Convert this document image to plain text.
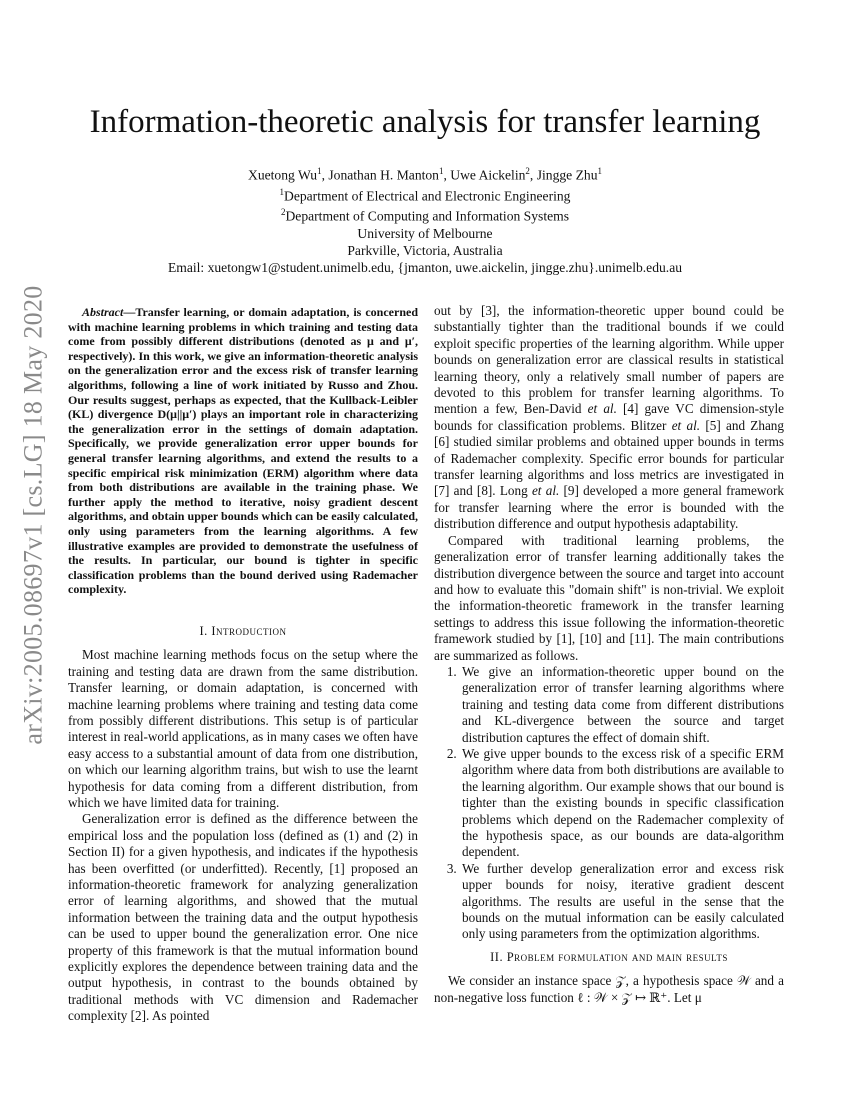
arXiv:2005.08697v1 [cs.LG] 18 May 2020
Information-theoretic analysis for transfer learning
Xuetong Wu$^1$, Jonathan H. Manton$^1$, Uwe Aickelin$^2$, Jingge Zhu$^1$
$^1$Department of Electrical and Electronic Engineering
$^2$Department of Computing and Information Systems
University of Melbourne
Parkville, Victoria, Australia
Email: xuetongw1@student.unimelb.edu, {jmanton, uwe.aickelin, jingge.zhu}.unimelb.edu.au

Abstract—Transfer learning, or domain adaptation, is concerned with machine learning problems in which training and testing data come from possibly different distributions (denoted as μ and μ′, respectively). In this work, we give an information-theoretic analysis on the generalization error and the excess risk of transfer learning algorithms, following a line of work initiated by Russo and Zhou. Our results suggest, perhaps as expected, that the Kullback-Leibler (KL) divergence D(μ||μ′) plays an important role in characterizing the generalization error in the settings of domain adaptation. Specifically, we provide generalization error upper bounds for general transfer learning algorithms, and extend the results to a specific empirical risk minimization (ERM) algorithm where data from both distributions are available in the training phase. We further apply the method to iterative, noisy gradient descent algorithms, and obtain upper bounds which can be easily calculated, only using parameters from the learning algorithms. A few illustrative examples are provided to demonstrate the usefulness of the results. In particular, our bound is tighter in specific classification problems than the bound derived using Rademacher complexity.

I. Introduction

Most machine learning methods focus on the setup where the training and testing data are drawn from the same distribution. Transfer learning, or domain adaptation, is concerned with machine learning problems where training and testing data come from possibly different distributions. This setup is of particular interest in real-world applications, as in many cases we often have easy access to a substantial amount of data from one distribution, on which our learning algorithm trains, but wish to use the learnt hypothesis for data coming from a different distribution, from which we have limited data for training.

Generalization error is defined as the difference between the empirical loss and the population loss (defined as (1) and (2) in Section II) for a given hypothesis, and indicates if the hypothesis has been overfitted (or underfitted). Recently, [1] proposed an information-theoretic framework for analyzing generalization error of learning algorithms, and showed that the mutual information between the training data and the output hypothesis can be used to upper bound the generalization error. One nice property of this framework is that the mutual information bound explicitly explores the dependence between training data and the output hypothesis, in contrast to the bounds obtained by traditional methods with VC dimension and Rademacher complexity [2]. As pointed

out by [3], the information-theoretic upper bound could be substantially tighter than the traditional bounds if we could exploit specific properties of the learning algorithm. While upper bounds on generalization error are classical results in statistical learning theory, only a relatively small number of papers are devoted to this problem for transfer learning algorithms. To mention a few, Ben-David et al. [4] gave VC dimension-style bounds for classification problems. Blitzer et al. [5] and Zhang [6] studied similar problems and obtained upper bounds in terms of Rademacher complexity. Specific error bounds for particular transfer learning algorithms and loss metrics are investigated in [7] and [8]. Long et al. [9] developed a more general framework for transfer learning where the error is bounded with the distribution difference and output hypothesis adaptability.

Compared with traditional learning problems, the generalization error of transfer learning additionally takes the distribution divergence between the source and target into account and how to evaluate this "domain shift" is non-trivial. We exploit the information-theoretic framework in the transfer learning settings to address this issue following the information-theoretic framework studied by [1], [10] and [11]. The main contributions are summarized as follows.

1. We give an information-theoretic upper bound on the generalization error of transfer learning algorithms where training and testing data come from different distributions and KL-divergence between the source and target distribution captures the effect of domain shift.
2. We give upper bounds to the excess risk of a specific ERM algorithm where data from both distributions are available to the learning algorithm. Our example shows that our bound is tighter than the existing bounds in specific classification problems which depend on the Rademacher complexity of the hypothesis space, as our bounds are data-algorithm dependent.
3. We further develop generalization error and excess risk upper bounds for noisy, iterative gradient descent algorithms. The results are useful in the sense that the bounds on the mutual information can be easily calculated only using parameters from the optimization algorithms.
II. Problem formulation and main results

We consider an instance space 𝒵, a hypothesis space 𝒲 and a non-negative loss function ℓ : 𝒲 × 𝒵 ↦ ℝ⁺. Let μ
